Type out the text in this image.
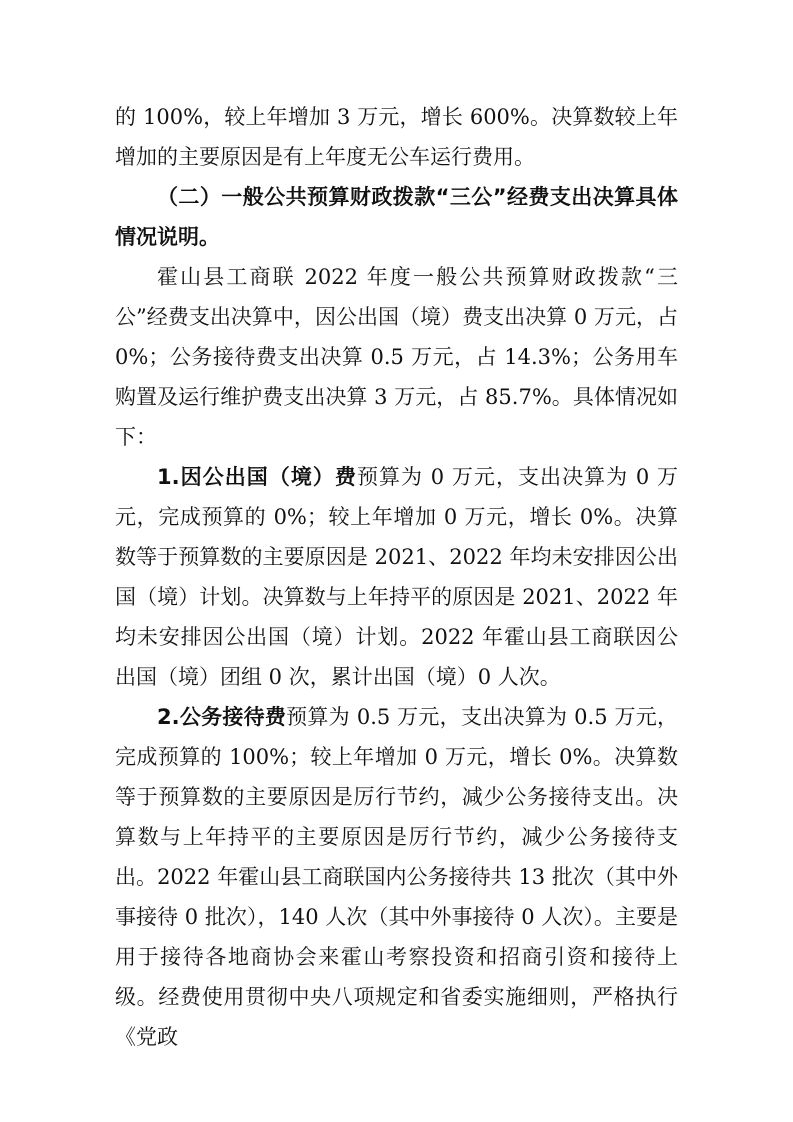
的 100%，较上年增加 3 万元，增长 600%。决算数较上年增加的主要原因是有上年度无公车运行费用。

（二）一般公共预算财政拨款“三公”经费支出决算具体情况说明。

霍山县工商联 2022 年度一般公共预算财政拨款“三公”经费支出决算中，因公出国（境）费支出决算 0 万元，占 0%；公务接待费支出决算 0.5 万元，占 14.3%；公务用车购置及运行维护费支出决算 3 万元，占 85.7%。具体情况如下：

1.因公出国（境）费预算为 0 万元，支出决算为 0 万元，完成预算的 0%；较上年增加 0 万元，增长 0%。决算数等于预算数的主要原因是 2021、2022 年均未安排因公出国（境）计划。决算数与上年持平的原因是 2021、2022 年均未安排因公出国（境）计划。2022 年霍山县工商联因公出国（境）团组 0 次，累计出国（境）0 人次。

2.公务接待费预算为 0.5 万元，支出决算为 0.5 万元，完成预算的 100%；较上年增加 0 万元，增长 0%。决算数等于预算数的主要原因是厉行节约，减少公务接待支出。决算数与上年持平的主要原因是厉行节约，减少公务接待支出。2022 年霍山县工商联国内公务接待共 13 批次（其中外事接待 0 批次），140 人次（其中外事接待 0 人次）。主要是用于接待各地商协会来霍山考察投资和招商引资和接待上级。经费使用贯彻中央八项规定和省委实施细则，严格执行《党政
